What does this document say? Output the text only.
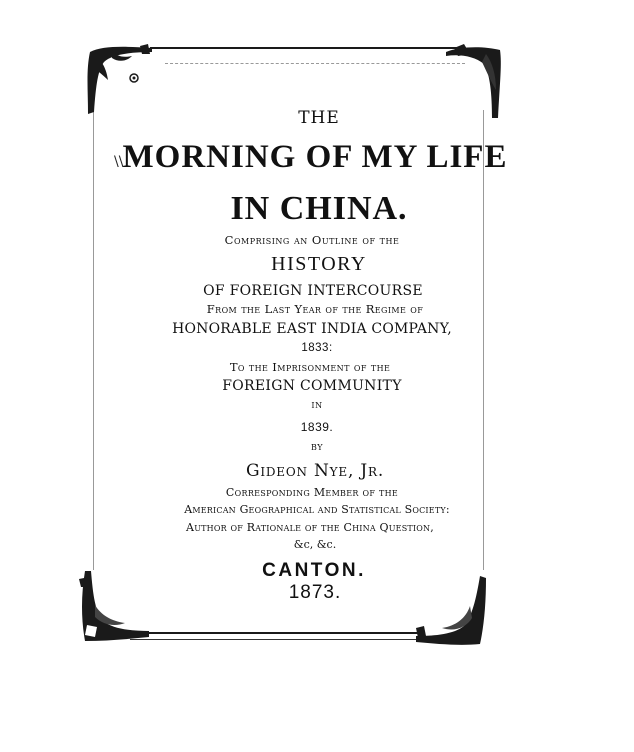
\\
THE
MORNING OF MY LIFE
IN CHINA.
Comprising an Outline of the
HISTORY
OF FOREIGN INTERCOURSE
From the Last Year of the Regime of
HONORABLE EAST INDIA COMPANY,
1833:
To the Imprisonment of the
FOREIGN COMMUNITY
IN
1839.
BY
Gideon Nye, Jr.
Corresponding Member of the
American Geographical and Statistical Society:
Author of Rationale of the China Question,
&c, &c.
CANTON.
1873.
